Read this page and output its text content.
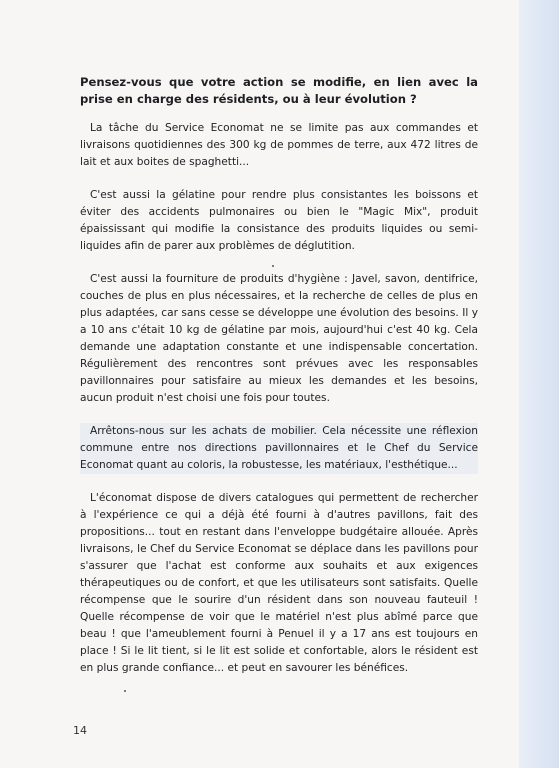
Pensez-vous que votre action se modifie, en lien avec la prise en charge des résidents, ou à leur évolution ?

La tâche du Service Economat ne se limite pas aux commandes et livraisons quotidiennes des 300 kg de pommes de terre, aux 472 litres de lait et aux boites de spaghetti...

C'est aussi la gélatine pour rendre plus consistantes les boissons et éviter des accidents pulmonaires ou bien le "Magic Mix", produit épaississant qui modifie la consistance des produits liquides ou semi-liquides afin de parer aux problèmes de déglutition.

C'est aussi la fourniture de produits d'hygiène : Javel, savon, dentifrice, couches de plus en plus nécessaires, et la recherche de celles de plus en plus adaptées, car sans cesse se développe une évolution des besoins. Il y a 10 ans c'était 10 kg de gélatine par mois, aujourd'hui c'est 40 kg. Cela demande une adaptation constante et une indispensable concertation. Régulièrement des rencontres sont prévues avec les responsables pavillonnaires pour satisfaire au mieux les demandes et les besoins, aucun produit n'est choisi une fois pour toutes.

Arrêtons-nous sur les achats de mobilier. Cela nécessite une réflexion commune entre nos directions pavillonnaires et le Chef du Service Economat quant au coloris, la robustesse, les matériaux, l'esthétique...

L'économat dispose de divers catalogues qui permettent de rechercher à l'expérience ce qui a déjà été fourni à d'autres pavillons, fait des propositions... tout en restant dans l'enveloppe budgétaire allouée. Après livraisons, le Chef du Service Economat se déplace dans les pavillons pour s'assurer que l'achat est conforme aux souhaits et aux exigences thérapeutiques ou de confort, et que les utilisateurs sont satisfaits. Quelle récompense que le sourire d'un résident dans son nouveau fauteuil ! Quelle récompense de voir que le matériel n'est plus abîmé parce que beau ! que l'ameublement fourni à Penuel il y a 17 ans est toujours en place ! Si le lit tient, si le lit est solide et confortable, alors le résident est en plus grande confiance... et peut en savourer les bénéfices.

14
